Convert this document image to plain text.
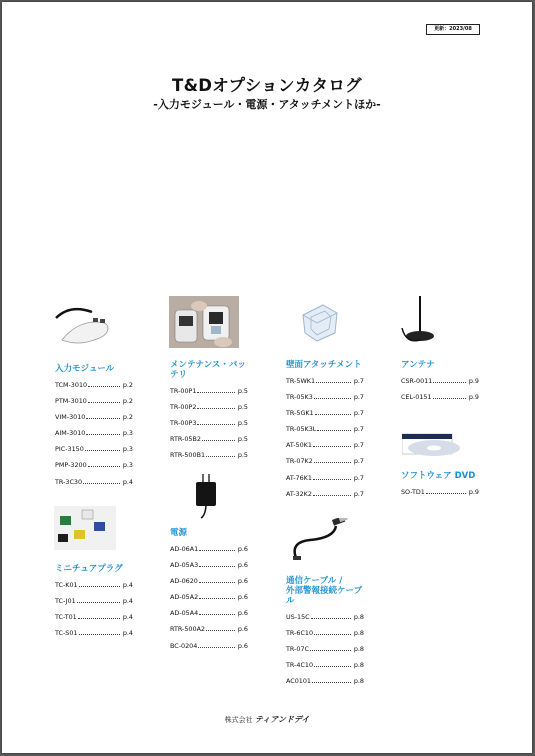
更新：2023/08
T&Dオプションカタログ
-入力モジュール・電源・アタッチメントほか-
入力モジュール
TCM-3010	p.2
PTM-3010	p.2
VIM-3010	p.2
AIM-3010	p.3
PIC-3150	p.3
PMP-3200	p.3
TR-3C30	p.4
ミニチュアプラグ
TC-K01	p.4
TC-J01	p.4
TC-T01	p.4
TC-S01	p.4
メンテナンス・バッテリ
TR-00P1	p.5
TR-00P2	p.5
TR-00P3	p.5
RTR-05B2	p.5
RTR-500B1	p.5
電源
AD-06A1	p.6
AD-05A3	p.6
AD-0620	p.6
AD-05A2	p.6
AD-05A4	p.6
RTR-500A2	p.6
BC-0204	p.6
壁面アタッチメント
TR-5WK1	p.7
TR-05K3	p.7
TR-5GK1	p.7
TR-05K3L	p.7
AT-50K1	p.7
TR-07K2	p.7
AT-76K1	p.7
AT-32K2	p.7
通信ケーブル /
外部警報接続ケーブル
US-15C	p.8
TR-6C10	p.8
TR-07C	p.8
TR-4C10	p.8
AC0101	p.8
アンテナ
CSR-0011	p.9
CEL-0151	p.9
ソフトウェア DVD
SO-TD1	p.9
株式会社 ティアンドデイ
